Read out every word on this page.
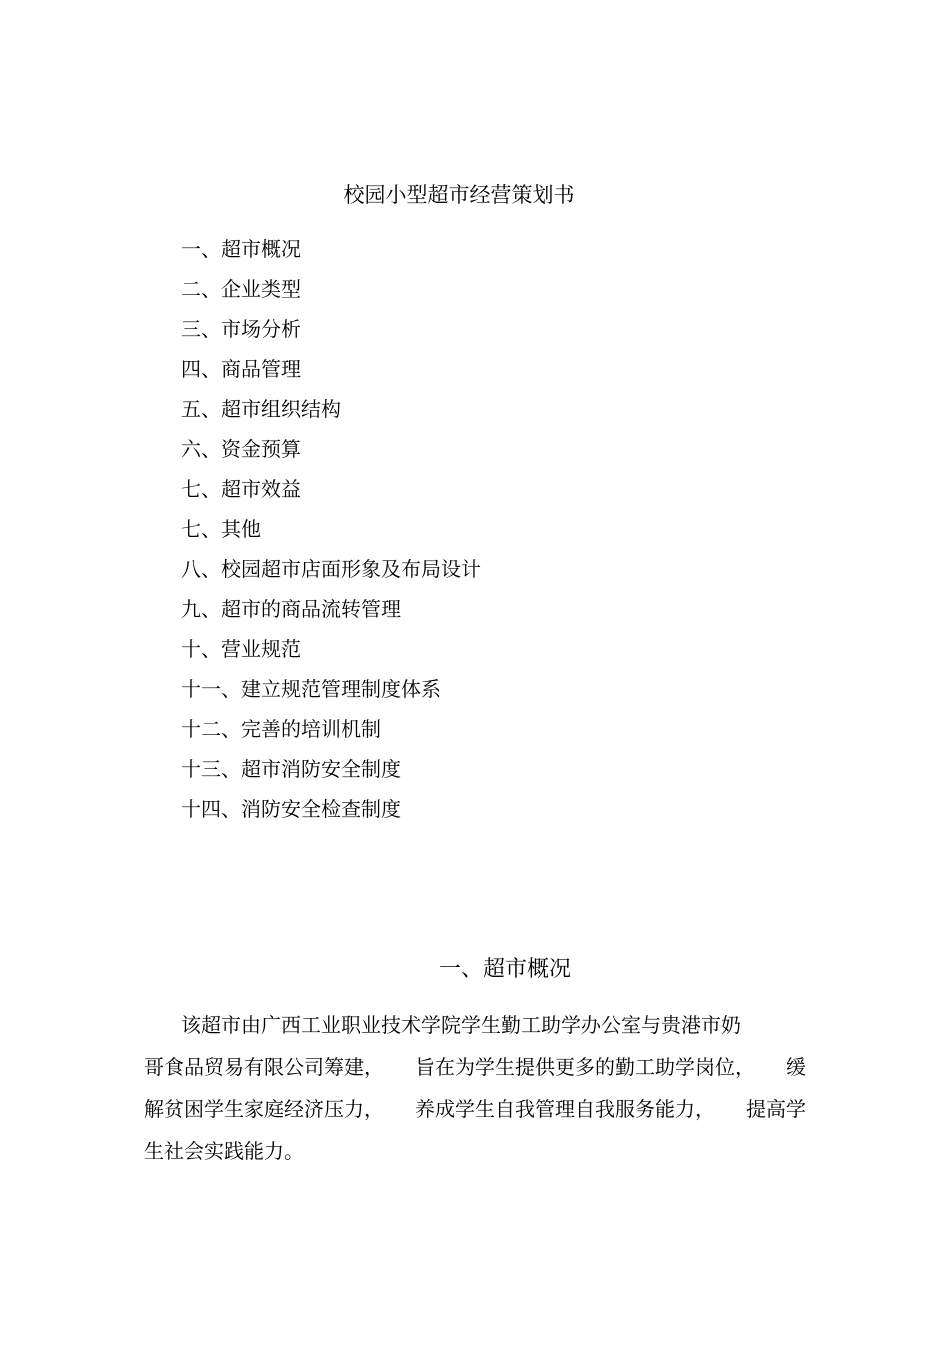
校园小型超市经营策划书
一、超市概况
二、企业类型
三、市场分析
四、商品管理
五、超市组织结构
六、资金预算
七、超市效益
七、其他
八、校园超市店面形象及布局设计
九、超市的商品流转管理
十、营业规范
十一、建立规范管理制度体系
十二、完善的培训机制
十三、超市消防安全制度
十四、消防安全检查制度
一、超市概况
该超市由广西工业职业技术学院学生勤工助学办公室与贵港市奶
哥食品贸易有限公司筹建， 旨在为学生提供更多的勤工助学岗位， 缓
解贫困学生家庭经济压力， 养成学生自我管理自我服务能力， 提高学
生社会实践能力。
